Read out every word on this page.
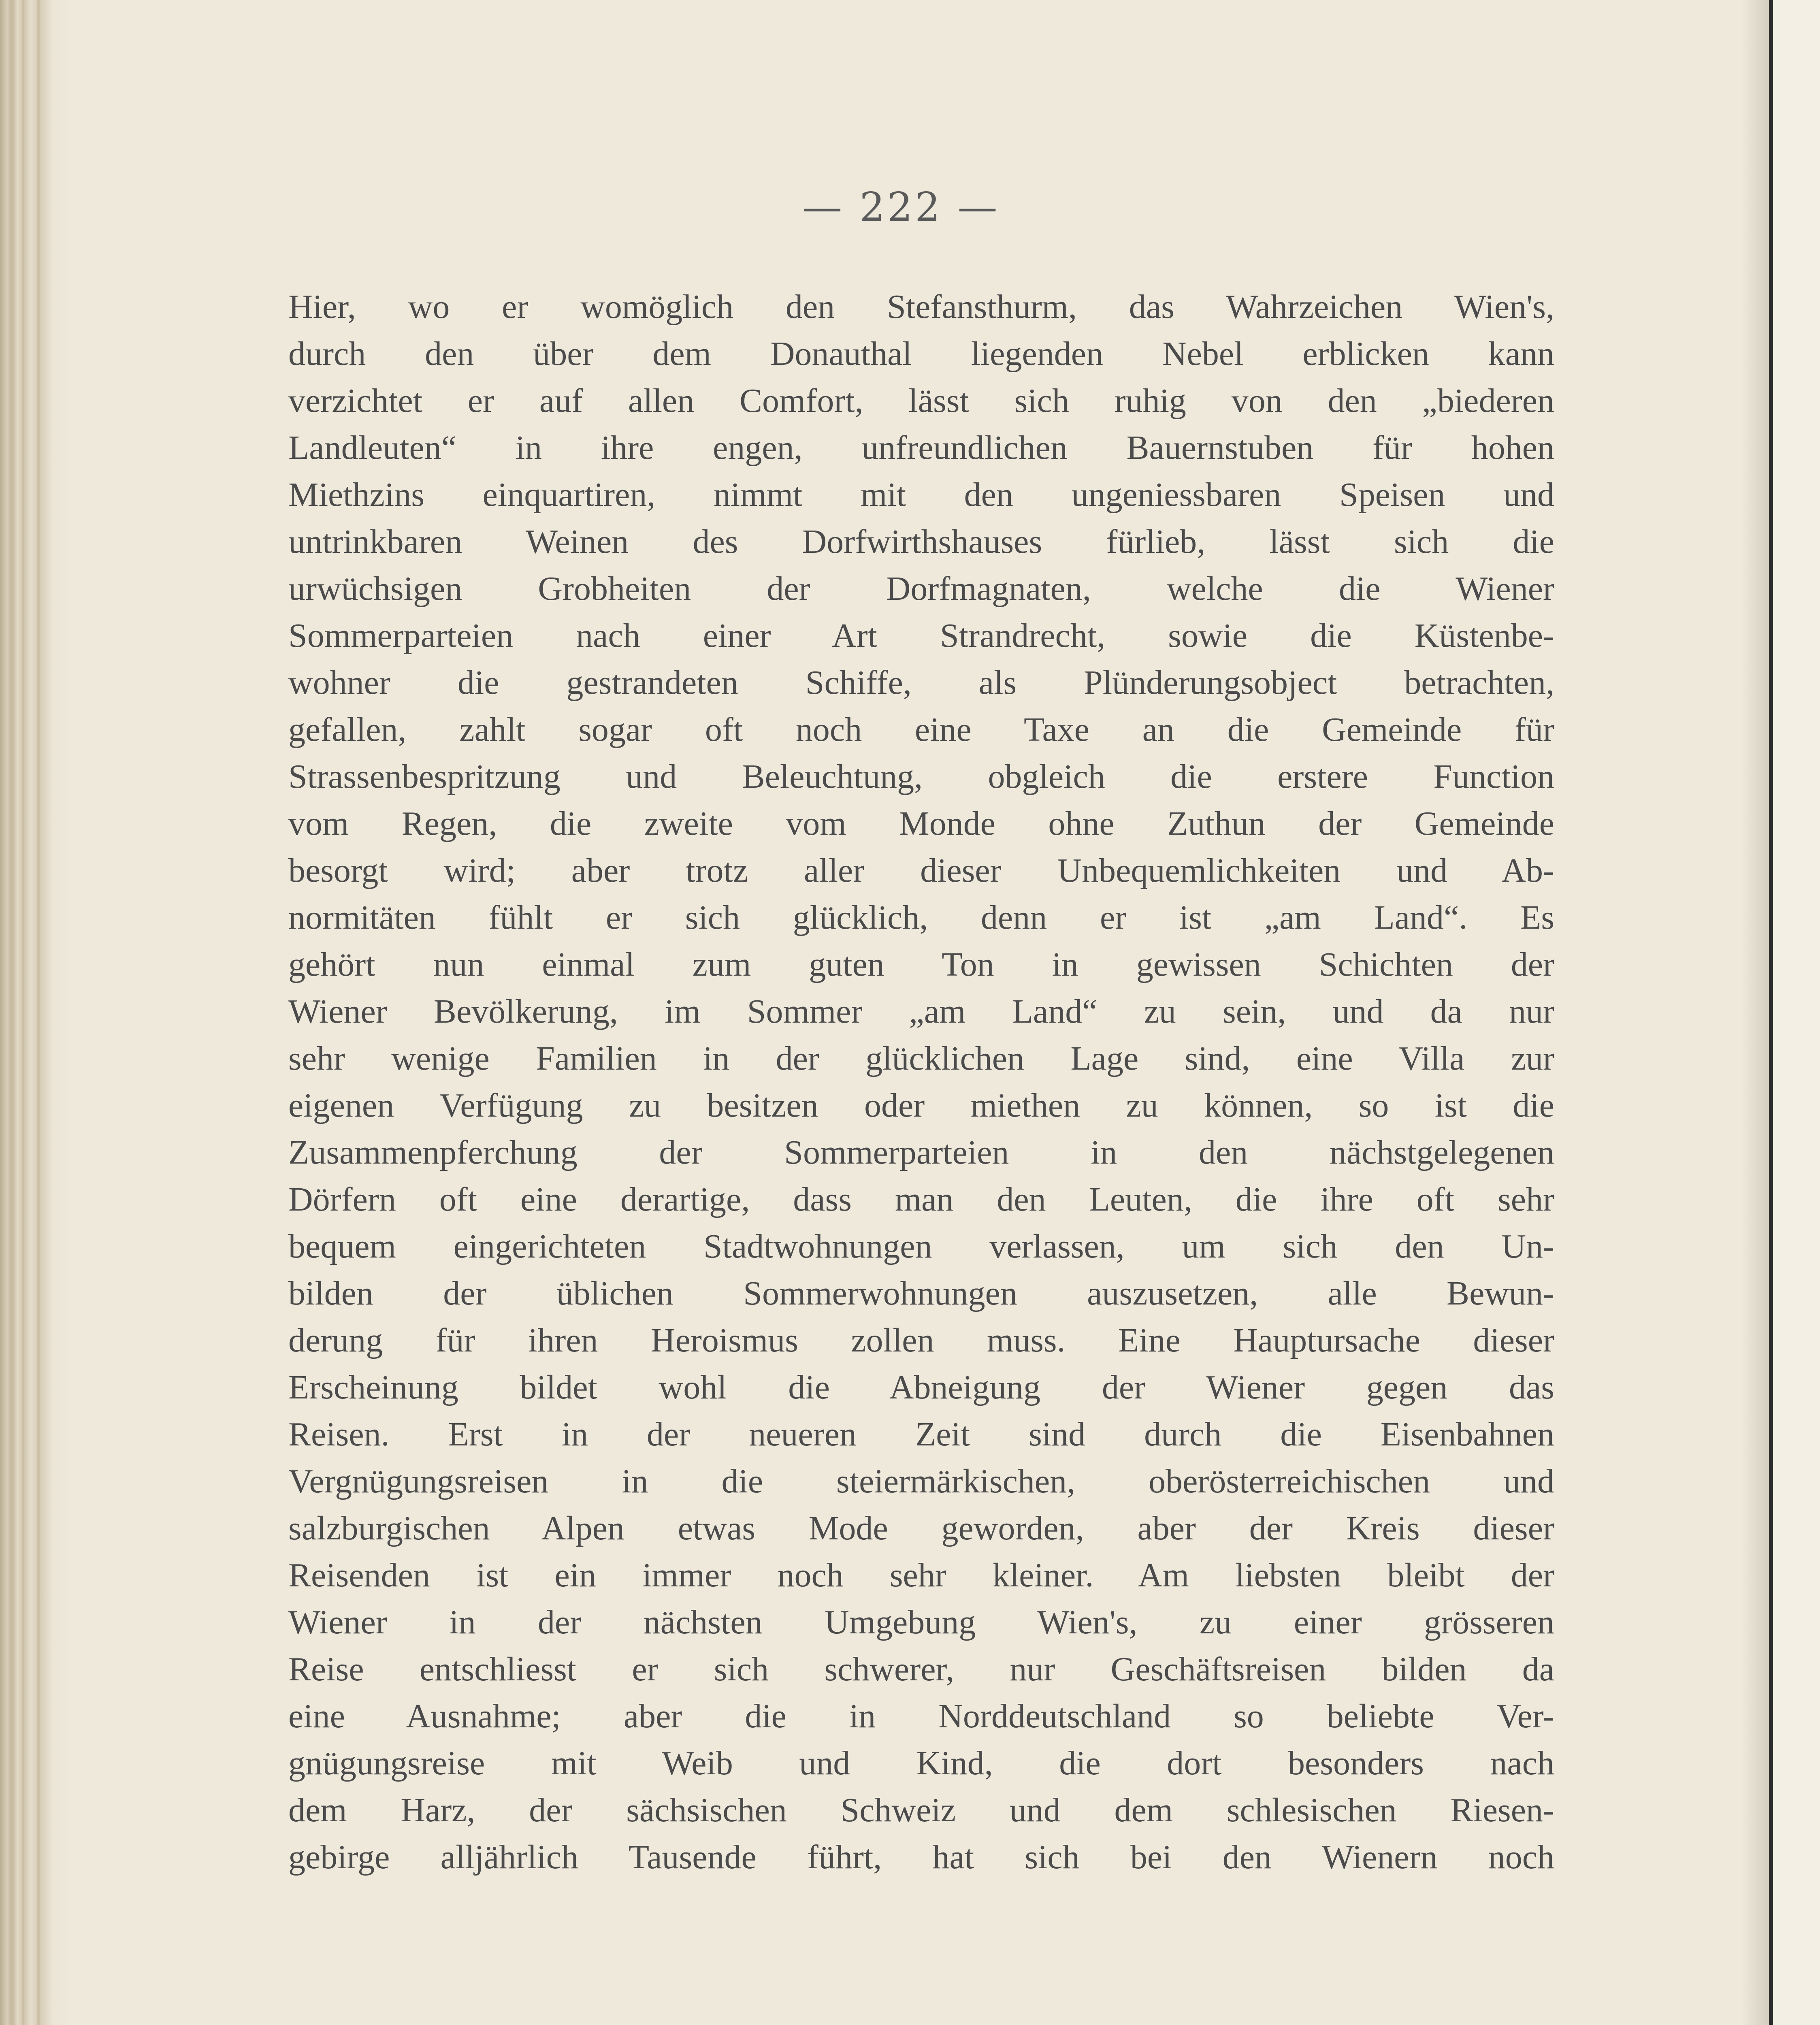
— 222 —
Hier, wo er womöglich den Stefansthurm, das Wahrzeichen Wien's,
durch den über dem Donauthal liegenden Nebel erblicken kann
verzichtet er auf allen Comfort, lässt sich ruhig von den „biederen
Landleuten“ in ihre engen, unfreundlichen Bauernstuben für hohen
Miethzins einquartiren, nimmt mit den ungeniessbaren Speisen und
untrinkbaren Weinen des Dorfwirthshauses fürlieb, lässt sich die
urwüchsigen Grobheiten der Dorfmagnaten, welche die Wiener
Sommerparteien nach einer Art Strandrecht, sowie die Küstenbe-
wohner die gestrandeten Schiffe, als Plünderungsobject betrachten,
gefallen, zahlt sogar oft noch eine Taxe an die Gemeinde für
Strassenbespritzung und Beleuchtung, obgleich die erstere Function
vom Regen, die zweite vom Monde ohne Zuthun der Gemeinde
besorgt wird; aber trotz aller dieser Unbequemlichkeiten und Ab-
normitäten fühlt er sich glücklich, denn er ist „am Land“. Es
gehört nun einmal zum guten Ton in gewissen Schichten der
Wiener Bevölkerung, im Sommer „am Land“ zu sein, und da nur
sehr wenige Familien in der glücklichen Lage sind, eine Villa zur
eigenen Verfügung zu besitzen oder miethen zu können, so ist die
Zusammenpferchung der Sommerparteien in den nächstgelegenen
Dörfern oft eine derartige, dass man den Leuten, die ihre oft sehr
bequem eingerichteten Stadtwohnungen verlassen, um sich den Un-
bilden der üblichen Sommerwohnungen auszusetzen, alle Bewun-
derung für ihren Heroismus zollen muss. Eine Hauptursache dieser
Erscheinung bildet wohl die Abneigung der Wiener gegen das
Reisen. Erst in der neueren Zeit sind durch die Eisenbahnen
Vergnügungsreisen in die steiermärkischen, oberösterreichischen und
salzburgischen Alpen etwas Mode geworden, aber der Kreis dieser
Reisenden ist ein immer noch sehr kleiner. Am liebsten bleibt der
Wiener in der nächsten Umgebung Wien's, zu einer grösseren
Reise entschliesst er sich schwerer, nur Geschäftsreisen bilden da
eine Ausnahme; aber die in Norddeutschland so beliebte Ver-
gnügungsreise mit Weib und Kind, die dort besonders nach
dem Harz, der sächsischen Schweiz und dem schlesischen Riesen-
gebirge alljährlich Tausende führt, hat sich bei den Wienern noch
